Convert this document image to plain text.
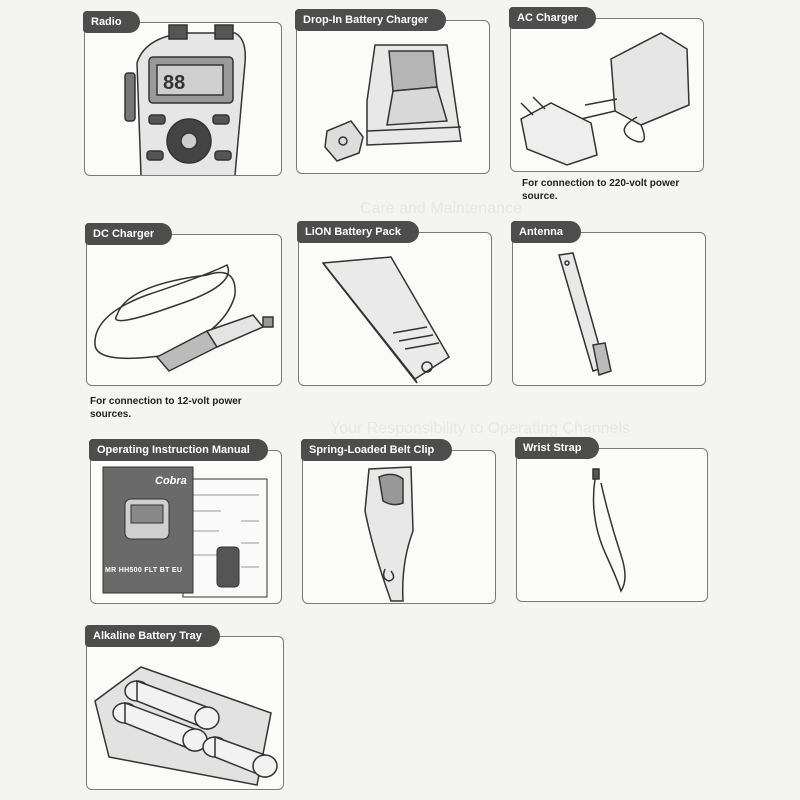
Care and Maintenance
Your Responsibility to Operating Channels
Radio
88
Drop-In Battery Charger	AC Charger
For connection to 220-volt power source.
DC Charger
For connection to 12-volt power sources.
LiON Battery Pack	Antenna
Operating Instruction Manual
Cobra
MR HH500 FLT BT EU
Spring-Loaded Belt Clip	Wrist Strap
Alkaline Battery Tray
